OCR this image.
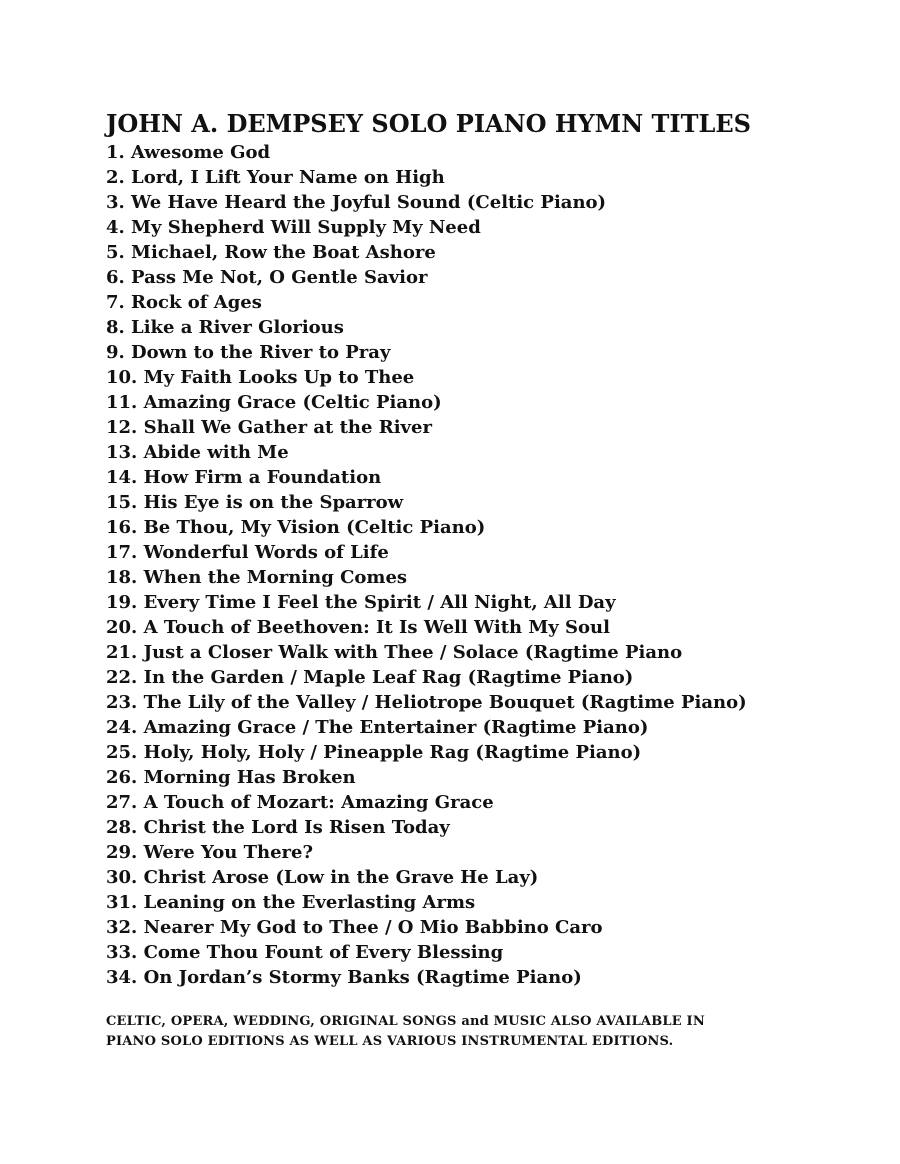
JOHN A. DEMPSEY SOLO PIANO HYMN TITLES
1. Awesome God
2. Lord, I Lift Your Name on High
3. We Have Heard the Joyful Sound (Celtic Piano)
4. My Shepherd Will Supply My Need
5. Michael, Row the Boat Ashore
6. Pass Me Not, O Gentle Savior
7. Rock of Ages
8. Like a River Glorious
9. Down to the River to Pray
10. My Faith Looks Up to Thee
11. Amazing Grace (Celtic Piano)
12. Shall We Gather at the River
13. Abide with Me
14. How Firm a Foundation
15. His Eye is on the Sparrow
16. Be Thou, My Vision (Celtic Piano)
17. Wonderful Words of Life
18. When the Morning Comes
19. Every Time I Feel the Spirit / All Night, All Day
20. A Touch of Beethoven: It Is Well With My Soul
21. Just a Closer Walk with Thee / Solace (Ragtime Piano
22. In the Garden / Maple Leaf Rag (Ragtime Piano)
23. The Lily of the Valley / Heliotrope Bouquet (Ragtime Piano)
24. Amazing Grace / The Entertainer (Ragtime Piano)
25. Holy, Holy, Holy / Pineapple Rag (Ragtime Piano)
26. Morning Has Broken
27. A Touch of Mozart: Amazing Grace
28. Christ the Lord Is Risen Today
29. Were You There?
30. Christ Arose (Low in the Grave He Lay)
31. Leaning on the Everlasting Arms
32. Nearer My God to Thee / O Mio Babbino Caro
33. Come Thou Fount of Every Blessing
34. On Jordan’s Stormy Banks (Ragtime Piano)
CELTIC, OPERA, WEDDING, ORIGINAL SONGS and MUSIC ALSO AVAILABLE IN
PIANO SOLO EDITIONS AS WELL AS VARIOUS INSTRUMENTAL EDITIONS.
